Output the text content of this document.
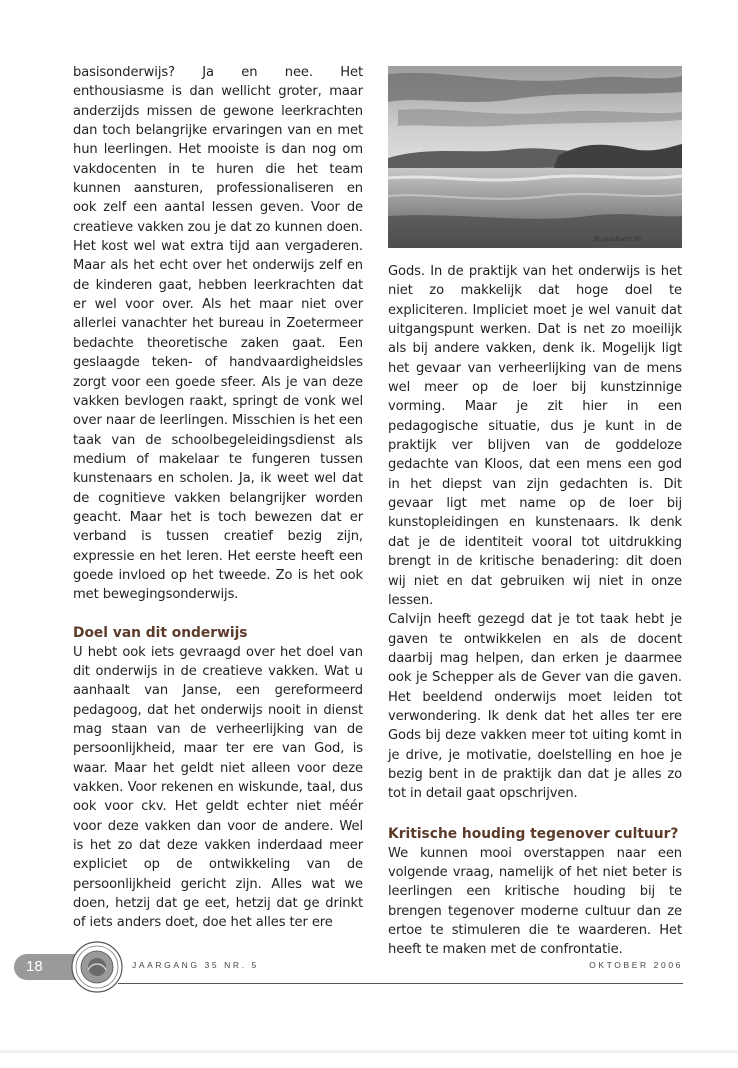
basisonderwijs? Ja en nee. Het enthousiasme is dan wellicht groter, maar anderzijds missen de gewone leerkrachten dan toch belangrijke ervaringen van en met hun leerlingen. Het mooiste is dan nog om vakdocenten in te huren die het team kunnen aansturen, professionaliseren en ook zelf een aantal lessen geven. Voor de creatieve vakken zou je dat zo kunnen doen. Het kost wel wat extra tijd aan vergaderen. Maar als het echt over het onderwijs zelf en de kinderen gaat, hebben leerkrachten dat er wel voor over. Als het maar niet over allerlei vanachter het bureau in Zoetermeer bedachte theoretische zaken gaat. Een geslaagde teken- of handvaardigheidsles zorgt voor een goede sfeer. Als je van deze vakken bevlogen raakt, springt de vonk wel over naar de leerlingen. Misschien is het een taak van de schoolbegeleidingsdienst als medium of makelaar te fungeren tussen kunstenaars en scholen. Ja, ik weet wel dat de cognitieve vakken belangrijker worden geacht. Maar het is toch bewezen dat er verband is tussen creatief bezig zijn, expressie en het leren. Het eerste heeft een goede invloed op het tweede. Zo is het ook met bewegingsonderwijs.

Doel van dit onderwijs

U hebt ook iets gevraagd over het doel van dit onderwijs in de creatieve vakken. Wat u aanhaalt van Janse, een gereformeerd pedagoog, dat het onderwijs nooit in dienst mag staan van de verheerlijking van de persoonlijkheid, maar ter ere van God, is waar. Maar het geldt niet alleen voor deze vakken. Voor rekenen en wiskunde, taal, dus ook voor ckv. Het geldt echter niet méér voor deze vakken dan voor de andere. Wel is het zo dat deze vakken inderdaad meer expliciet op de ontwikkeling van de persoonlijkheid gericht zijn. Alles wat we doen, hetzij dat ge eet, hetzij dat ge drinkt of iets anders doet, doe het alles ter ere

Ruysschaert 96

Gods. In de praktijk van het onderwijs is het niet zo makkelijk dat hoge doel te expliciteren. Impliciet moet je wel vanuit dat uitgangspunt werken. Dat is net zo moeilijk als bij andere vakken, denk ik. Mogelijk ligt het gevaar van verheerlijking van de mens wel meer op de loer bij kunstzinnige vorming. Maar je zit hier in een pedagogische situatie, dus je kunt in de praktijk ver blijven van de goddeloze gedachte van Kloos, dat een mens een god in het diepst van zijn gedachten is. Dit gevaar ligt met name op de loer bij kunstopleidingen en kunstenaars. Ik denk dat je de identiteit vooral tot uitdrukking brengt in de kritische benadering: dit doen wij niet en dat gebruiken wij niet in onze lessen.

Calvijn heeft gezegd dat je tot taak hebt je gaven te ontwikkelen en als de docent daarbij mag helpen, dan erken je daarmee ook je Schepper als de Gever van die gaven. Het beeldend onderwijs moet leiden tot verwondering. Ik denk dat het alles ter ere Gods bij deze vakken meer tot uiting komt in je drive, je motivatie, doelstelling en hoe je bezig bent in de praktijk dan dat je alles zo tot in detail gaat opschrijven.

Kritische houding tegenover cultuur?

We kunnen mooi overstappen naar een volgende vraag, namelijk of het niet beter is leerlingen een kritische houding bij te brengen tegenover moderne cultuur dan ze ertoe te stimuleren die te waarderen. Het heeft te maken met de confrontatie.

18	JAARGANG 35 NR. 5	OKTOBER 2006
